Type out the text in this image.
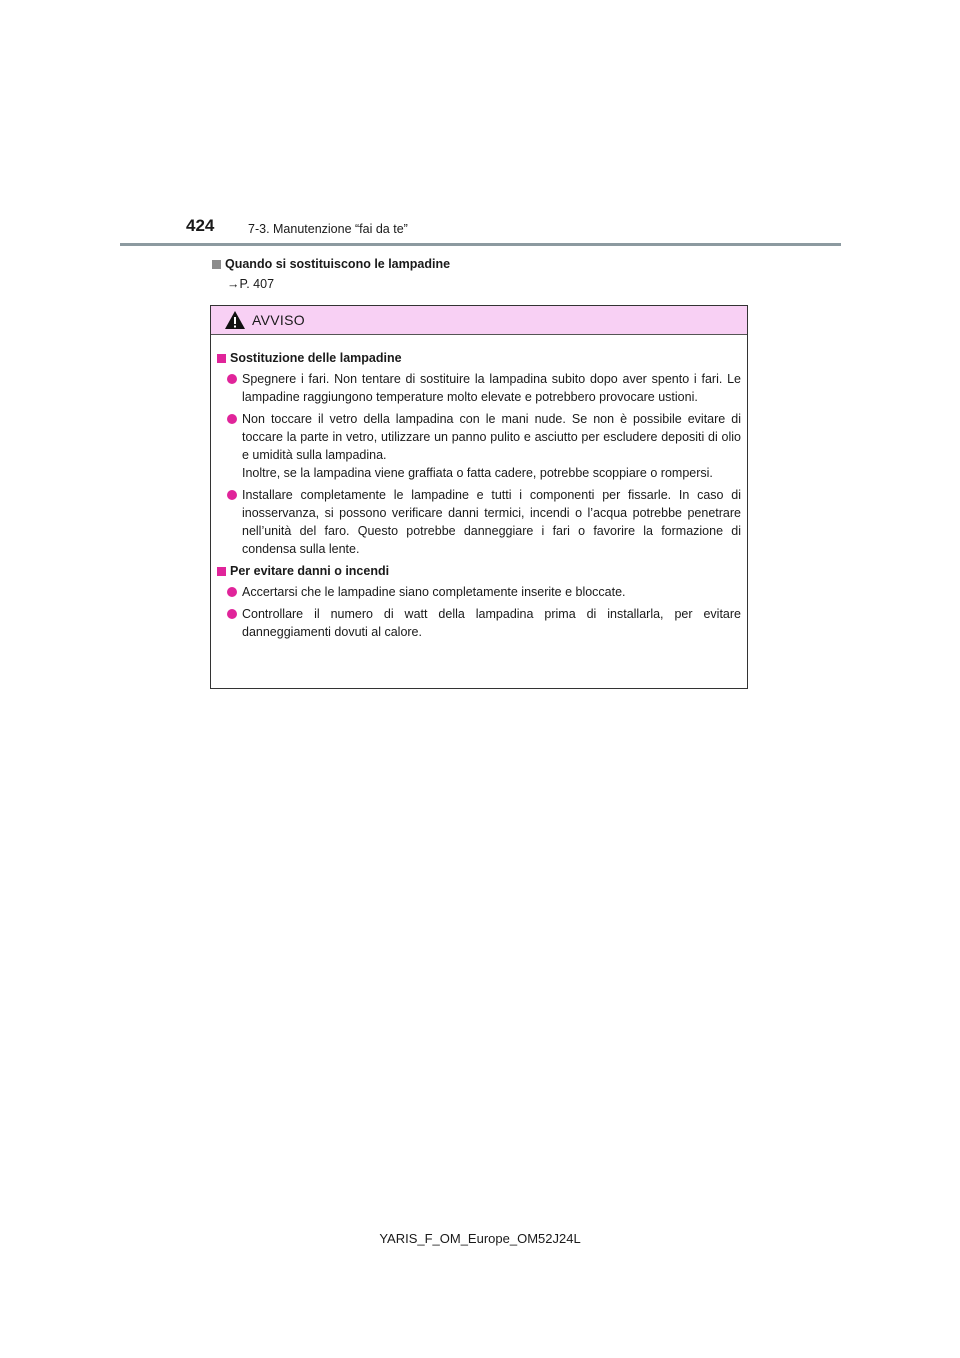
424	7-3. Manutenzione “fai da te”
Quando si sostituiscono le lampadine
→P. 407
AVVISO
Sostituzione delle lampadine

Spegnere i fari. Non tentare di sostituire la lampadina subito dopo aver spento i fari. Le lampadine raggiungono temperature molto elevate e potrebbero provocare ustioni.

Non toccare il vetro della lampadina con le mani nude. Se non è possibile evitare di toccare la parte in vetro, utilizzare un panno pulito e asciutto per escludere depositi di olio e umidità sulla lampadina.

Inoltre, se la lampadina viene graffiata o fatta cadere, potrebbe scoppiare o rompersi.

Installare completamente le lampadine e tutti i componenti per fissarle. In caso di inosservanza, si possono verificare danni termici, incendi o l’acqua potrebbe penetrare nell’unità del faro. Questo potrebbe danneggiare i fari o favorire la formazione di condensa sulla lente.

Per evitare danni o incendi

Accertarsi che le lampadine siano completamente inserite e bloccate.

Controllare il numero di watt della lampadina prima di installarla, per evitare danneggiamenti dovuti al calore.

YARIS_F_OM_Europe_OM52J24L
